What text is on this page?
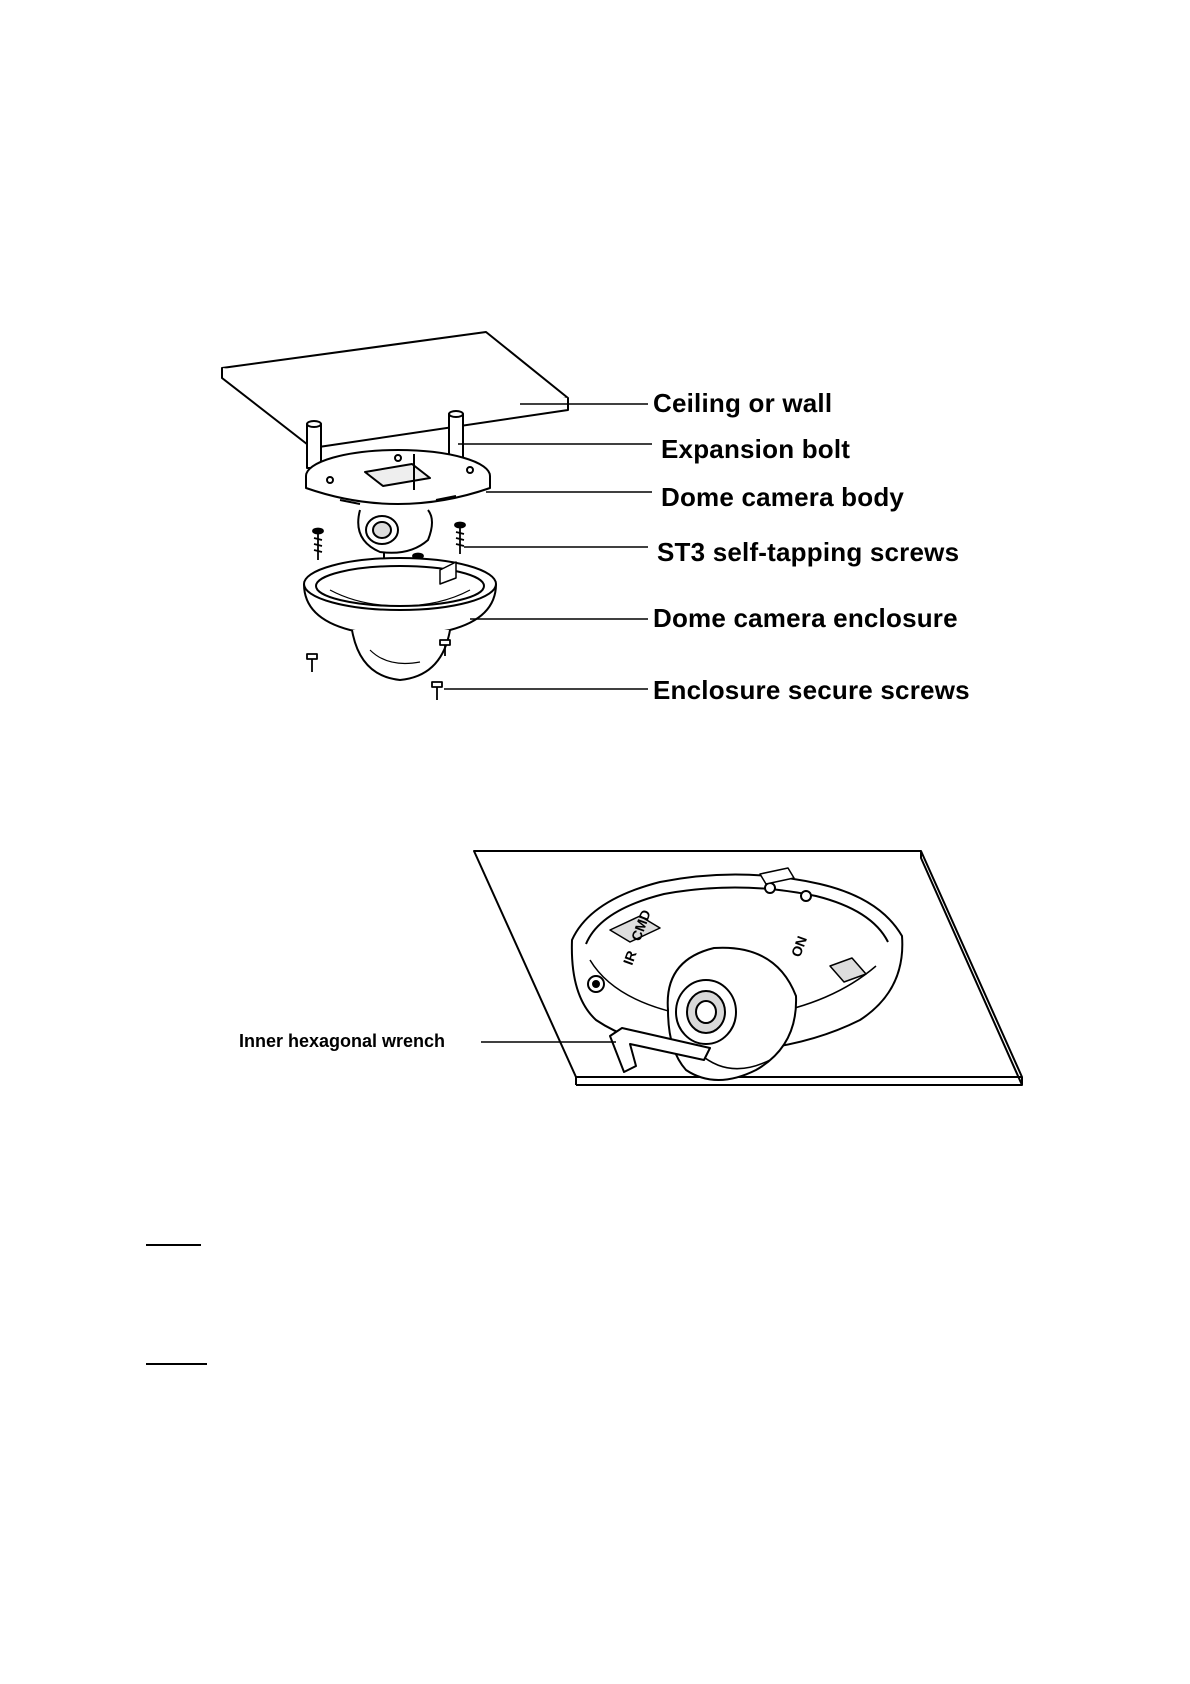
Ceiling or wall
Expansion bolt
Dome camera body
ST3 self-tapping screws
Dome camera enclosure
Enclosure secure screws
CMD
IR	ON
Inner hexagonal wrench
